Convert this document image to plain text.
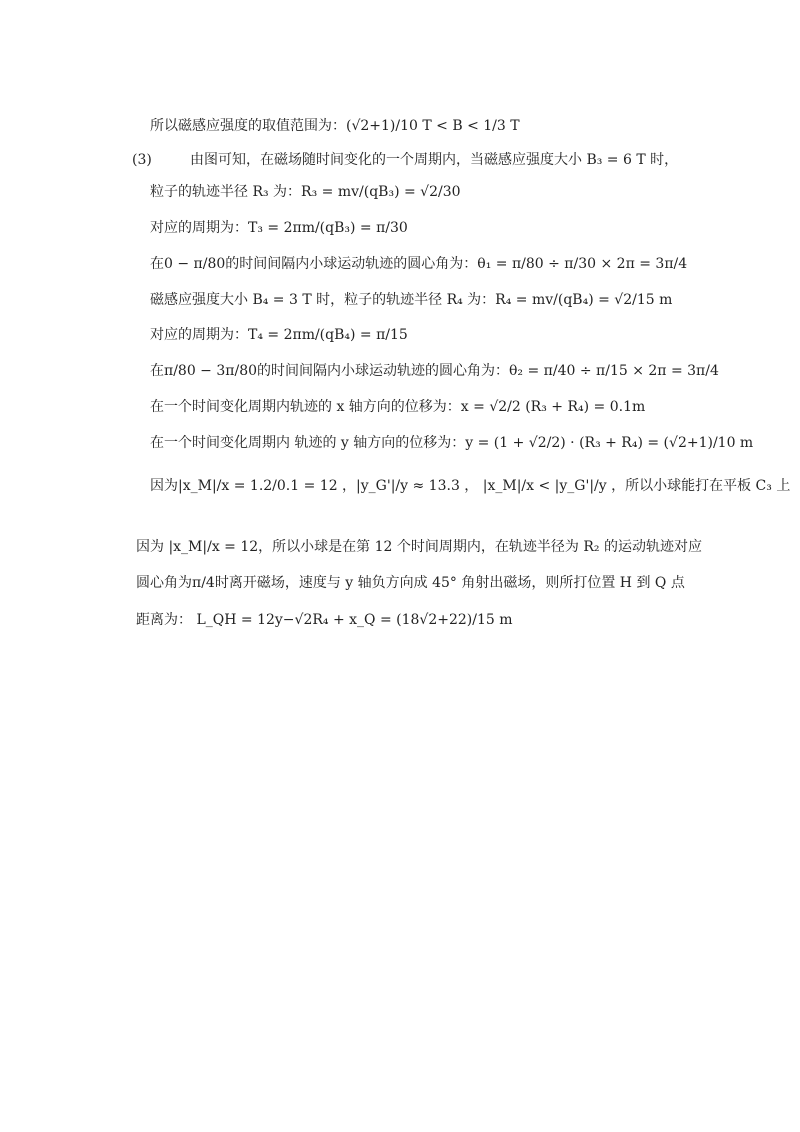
所以磁感应强度的取值范围为：(√2+1)/10 T < B < 1/3 T
(3)	由图可知，在磁场随时间变化的一个周期内，当磁感应强度大小 B₃ = 6 T 时，
粒子的轨迹半径 R₃ 为：R₃ = mv/(qB₃) = √2/30
对应的周期为：T₃ = 2πm/(qB₃) = π/30
在0 − π/80的时间间隔内小球运动轨迹的圆心角为：θ₁ = π/80 ÷ π/30 × 2π = 3π/4
磁感应强度大小 B₄ = 3 T 时，粒子的轨迹半径 R₄ 为：R₄ = mv/(qB₄) = √2/15 m
对应的周期为：T₄ = 2πm/(qB₄) = π/15
在π/80 − 3π/80的时间间隔内小球运动轨迹的圆心角为：θ₂ = π/40 ÷ π/15 × 2π = 3π/4
在一个时间变化周期内轨迹的 x 轴方向的位移为：x = √2/2 (R₃ + R₄) = 0.1m
在一个时间变化周期内 轨迹的 y 轴方向的位移为：y = (1 + √2/2) · (R₃ + R₄) = (√2+1)/10 m
因为|x_M|/x = 1.2/0.1 = 12 ，|y_G'|/y ≈ 13.3 ， |x_M|/x < |y_G'|/y ，所以小球能打在平板 C₃ 上
因为 |x_M|/x = 12，所以小球是在第 12 个时间周期内，在轨迹半径为 R₂ 的运动轨迹对应
圆心角为π/4时离开磁场，速度与 y 轴负方向成 45° 角射出磁场，则所打位置 H 到 Q 点
距离为： L_QH = 12y−√2R₄ + x_Q = (18√2+22)/15 m
